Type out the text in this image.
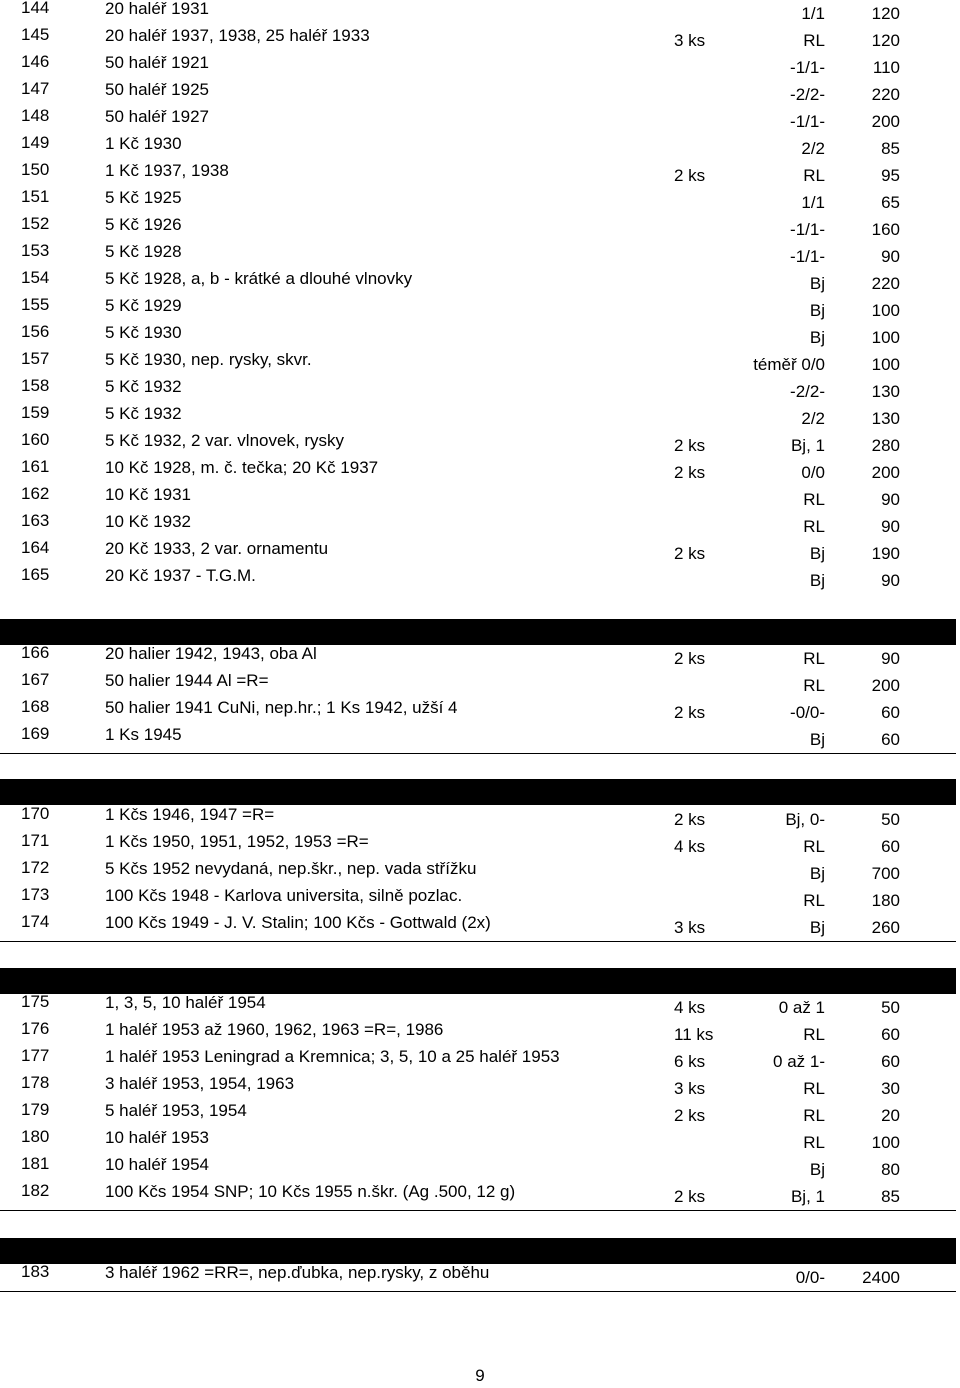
144	20 haléř 1931	1/1	120
145	20 haléř 1937, 1938, 25 haléř 1933	3 ks	RL	120
146	50 haléř 1921	-1/1-	110
147	50 haléř 1925	-2/2-	220
148	50 haléř 1927	-1/1-	200
149	1 Kč 1930	2/2	85
150	1 Kč 1937, 1938	2 ks	RL	95
151	5 Kč 1925	1/1	65
152	5 Kč 1926	-1/1-	160
153	5 Kč 1928	-1/1-	90
154	5 Kč 1928, a, b - krátké a dlouhé vlnovky	Bj	220
155	5 Kč 1929	Bj	100
156	5 Kč 1930	Bj	100
157	5 Kč 1930, nep. rysky, skvr.	téměř 0/0	100
158	5 Kč 1932	-2/2-	130
159	5 Kč 1932	2/2	130
160	5 Kč 1932, 2 var. vlnovek, rysky	2 ks	Bj, 1	280
161	10 Kč 1928, m. č. tečka; 20 Kč 1937	2 ks	0/0	200
162	10 Kč 1931	RL	90
163	10 Kč 1932	RL	90
164	20 Kč 1933, 2 var. ornamentu	2 ks	Bj	190
165	20 Kč 1937 - T.G.M.	Bj	90
SLOVENSKÁ REPUBLIKA 1939-1945
166	20 halier 1942, 1943, oba Al	2 ks	RL	90
167	50 halier 1944 Al =R=	RL	200
168	50 halier 1941 CuNi, nep.hr.; 1 Ks 1942, užší 4	2 ks	-0/0-	60
169	1 Ks 1945	Bj	60
ČSR 1945-1953
170	1 Kčs 1946, 1947 =R=	2 ks	Bj, 0-	50
171	1 Kčs 1950, 1951, 1952, 1953 =R=	4 ks	RL	60
172	5 Kčs 1952 nevydaná, nep.škr., nep. vada střížku	Bj	700
173	100 Kčs 1948 - Karlova universita, silně pozlac.	RL	180
174	100 Kčs 1949 - J. V. Stalin; 100 Kčs - Gottwald (2x)	3 ks	Bj	260
ČSR 1953-1960
175	1, 3, 5, 10 haléř 1954	4 ks	0 až 1	50
176	1 haléř 1953 až 1960, 1962, 1963 =R=, 1986	11 ks	RL	60
177	1 haléř 1953 Leningrad a Kremnica; 3, 5, 10 a 25 haléř 1953	6 ks	0 až 1-	60
178	3 haléř 1953, 1954, 1963	3 ks	RL	30
179	5 haléř 1953, 1954	2 ks	RL	20
180	10 haléř 1953	RL	100
181	10 haléř 1954	Bj	80
182	100 Kčs 1954 SNP; 10 Kčs 1955 n.škr. (Ag .500, 12 g)	2 ks	Bj, 1	85
ČSSR 1961-1990
183	3 haléř 1962 =RR=, nep.ďubka, nep.rysky, z oběhu	0/0- 2400
9
